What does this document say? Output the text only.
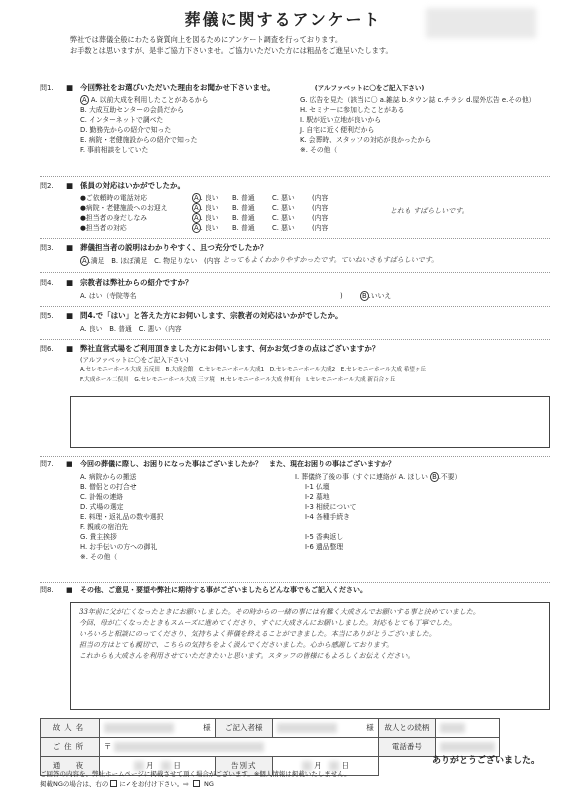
葬儀に関するアンケート
弊社では葬儀全般にわたる資質向上を図るためにアンケート調査を行っております。
お手数とは思いますが、是非ご協力下さいませ。ご協力いただいた方には粗品をご進呈いたします。
問1.	■ 今回弊社をお選びいただいた理由をお聞かせ下さいませ。	(アルファベットに〇をご記入下さい)
A A. 以前大成を利用したことがあるから	G. 広告を見た（該当に〇 a.雑誌 b.タウン誌 c.チラシ d.屋外広告 e.その他）
B. 大成互助センターの会員だから	H. セミナーに参加したことがある
C. インターネットで調べた	I. 駅が近い立地が良いから
D. 勤務先からの紹介で知った	J. 自宅に近く便利だから
E. 病院・老健施設からの紹介で知った	K. 会葬時、スタッフの対応が良かったから
F. 事前相談をしていた	※. その他（
問2.	■ 係員の対応はいかがでしたか。
●ご依頼時の電話対応	A . 良い	B. 普通	C. 悪い	(内容
●病院・老健施設へのお迎え	A . 良い	B. 普通	C. 悪い	(内容
●担当者の身だしなみ	A . 良い	B. 普通	C. 悪い	(内容
●担当者の対応	A . 良い	B. 普通	C. 悪い	(内容
とれも すばらしいです。
問3.	■ 葬儀担当者の説明はわかりやすく、且つ充分でしたか？
A . 満足　B. ほぼ満足　C. 物足りない　(内容
とってもよくわかりやすかったです。ていねいさもすばらしいです。
問4.	■ 宗教者は弊社からの紹介ですか？
A. はい（寺院等名	)	B . いいえ
問5.	■ 問4.で「はい」と答えた方にお伺いします、宗教者の対応はいかがでしたか。
A. 良い　B. 普通　C. 悪い（内容
問6.	■ 弊社直営式場をご利用頂きました方にお伺いします、何かお気づきの点はございますか？
(アルファベットに〇をご記入下さい)
A.セレモニーホール大成 五反田　B.大成会館　C.セレモニーホール大成1　D.セレモニーホール大成2　E.セレモニーホール大成 希望ヶ丘
F.大成ホール二俣川　G.セレモニーホール大成 三ツ境　H.セレモニーホール大成 仲町台　I.セレモニーホール大成 新百合ヶ丘
問7.	■	今回の葬儀に際し、お困りになった事はございましたか？　また、現在お困りの事はございますか？
A. 病院からの搬送
B. 僧侶との打合せ
C. 訃報の連絡
D. 式場の選定
E. 料理・返礼品の数や選択
F. 親戚の宿泊先
G. 貴主挨拶
H. お手伝いの方への御礼
※. その他（
I. 葬儀終了後の事（すぐに連絡が A. ほしい
B . 不要）
I-1 仏壇
I-2 墓地
I-3 相続について
I-4 各種手続き
I-5 香典返し
I-6 遺品整理
問8.	■	その他、ご意見・要望や弊社に期待する事がございましたらどんな事でもご記入ください。
33年前に父が亡くなったときにお願いしました。その時からの一緒の事には有難く大成さんでお願いする事と決めていました。
今回、母が亡くなったときもスムーズに進めてくださり、すぐに大成さんにお願いしました。対応もとても丁寧でした。
いろいろと相談にのってくださり、気持ちよく葬儀を終えることができました。本当にありがとうございました。
担当の方はとても親切で、こちらの気持ちをよく汲んでくださいました。心から感謝しております。
これからも大成さんを利用させていただきたいと思います。スタッフの皆様にもよろしくお伝えください。
故人名	様	ご記入者様	様	故人との続柄	
ご住所	〒			電話番号	
通　夜	月　 日	告別式	月　 日			ありがとうございました。
ご回答の内容を、弊社ホームページに掲載させて頂く場合がございます。※個人情報は掲載いたしません。
掲載NGの場合は、右の に✓をお付け下さい。⇨ NG
